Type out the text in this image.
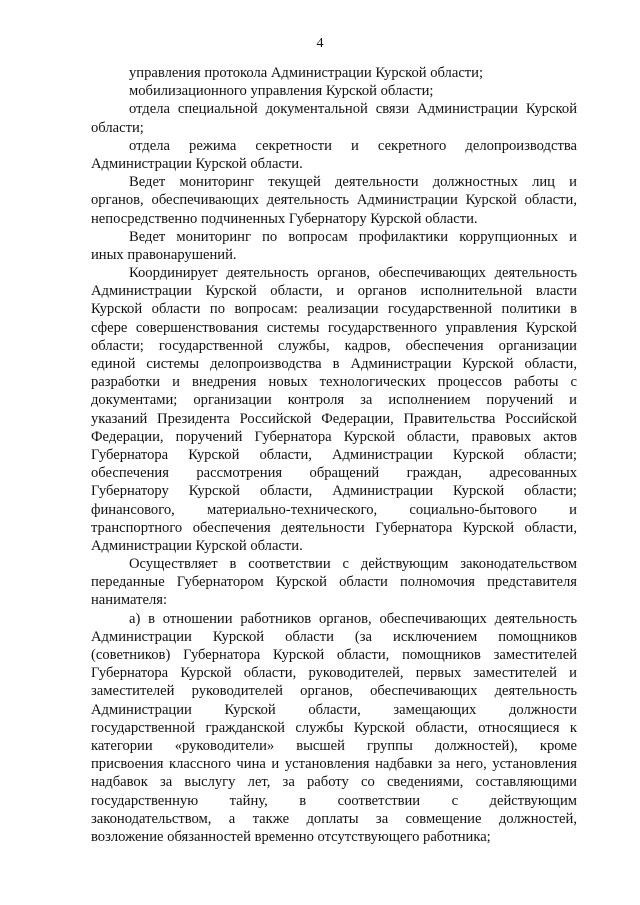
4
управления протокола Администрации Курской области;
мобилизационного управления Курской области;
отдела специальной документальной связи Администрации Курской
области;
отдела режима секретности и секретного делопроизводства
Администрации Курской области.
Ведет мониторинг текущей деятельности должностных лиц и
органов, обеспечивающих деятельность Администрации Курской области,
непосредственно подчиненных Губернатору Курской области.
Ведет мониторинг по вопросам профилактики коррупционных и
иных правонарушений.
Координирует деятельность органов, обеспечивающих деятельность
Администрации Курской области, и органов исполнительной власти
Курской области по вопросам: реализации государственной политики в
сфере совершенствования системы государственного управления Курской
области; государственной службы, кадров, обеспечения организации
единой системы делопроизводства в Администрации Курской области,
разработки и внедрения новых технологических процессов работы с
документами; организации контроля за исполнением поручений и
указаний Президента Российской Федерации, Правительства Российской
Федерации, поручений Губернатора Курской области, правовых актов
Губернатора Курской области, Администрации Курской области;
обеспечения рассмотрения обращений граждан, адресованных
Губернатору Курской области, Администрации Курской области;
финансового, материально-технического, социально-бытового и
транспортного обеспечения деятельности Губернатора Курской области,
Администрации Курской области.
Осуществляет в соответствии с действующим законодательством
переданные Губернатором Курской области полномочия представителя
нанимателя:
а) в отношении работников органов, обеспечивающих деятельность
Администрации Курской области (за исключением помощников
(советников) Губернатора Курской области, помощников заместителей
Губернатора Курской области, руководителей, первых заместителей и
заместителей руководителей органов, обеспечивающих деятельность
Администрации Курской области, замещающих должности
государственной гражданской службы Курской области, относящиеся к
категории «руководители» высшей группы должностей), кроме
присвоения классного чина и установления надбавки за него, установления
надбавок за выслугу лет, за работу со сведениями, составляющими
государственную тайну, в соответствии с действующим
законодательством, а также доплаты за совмещение должностей,
возложение обязанностей временно отсутствующего работника;
